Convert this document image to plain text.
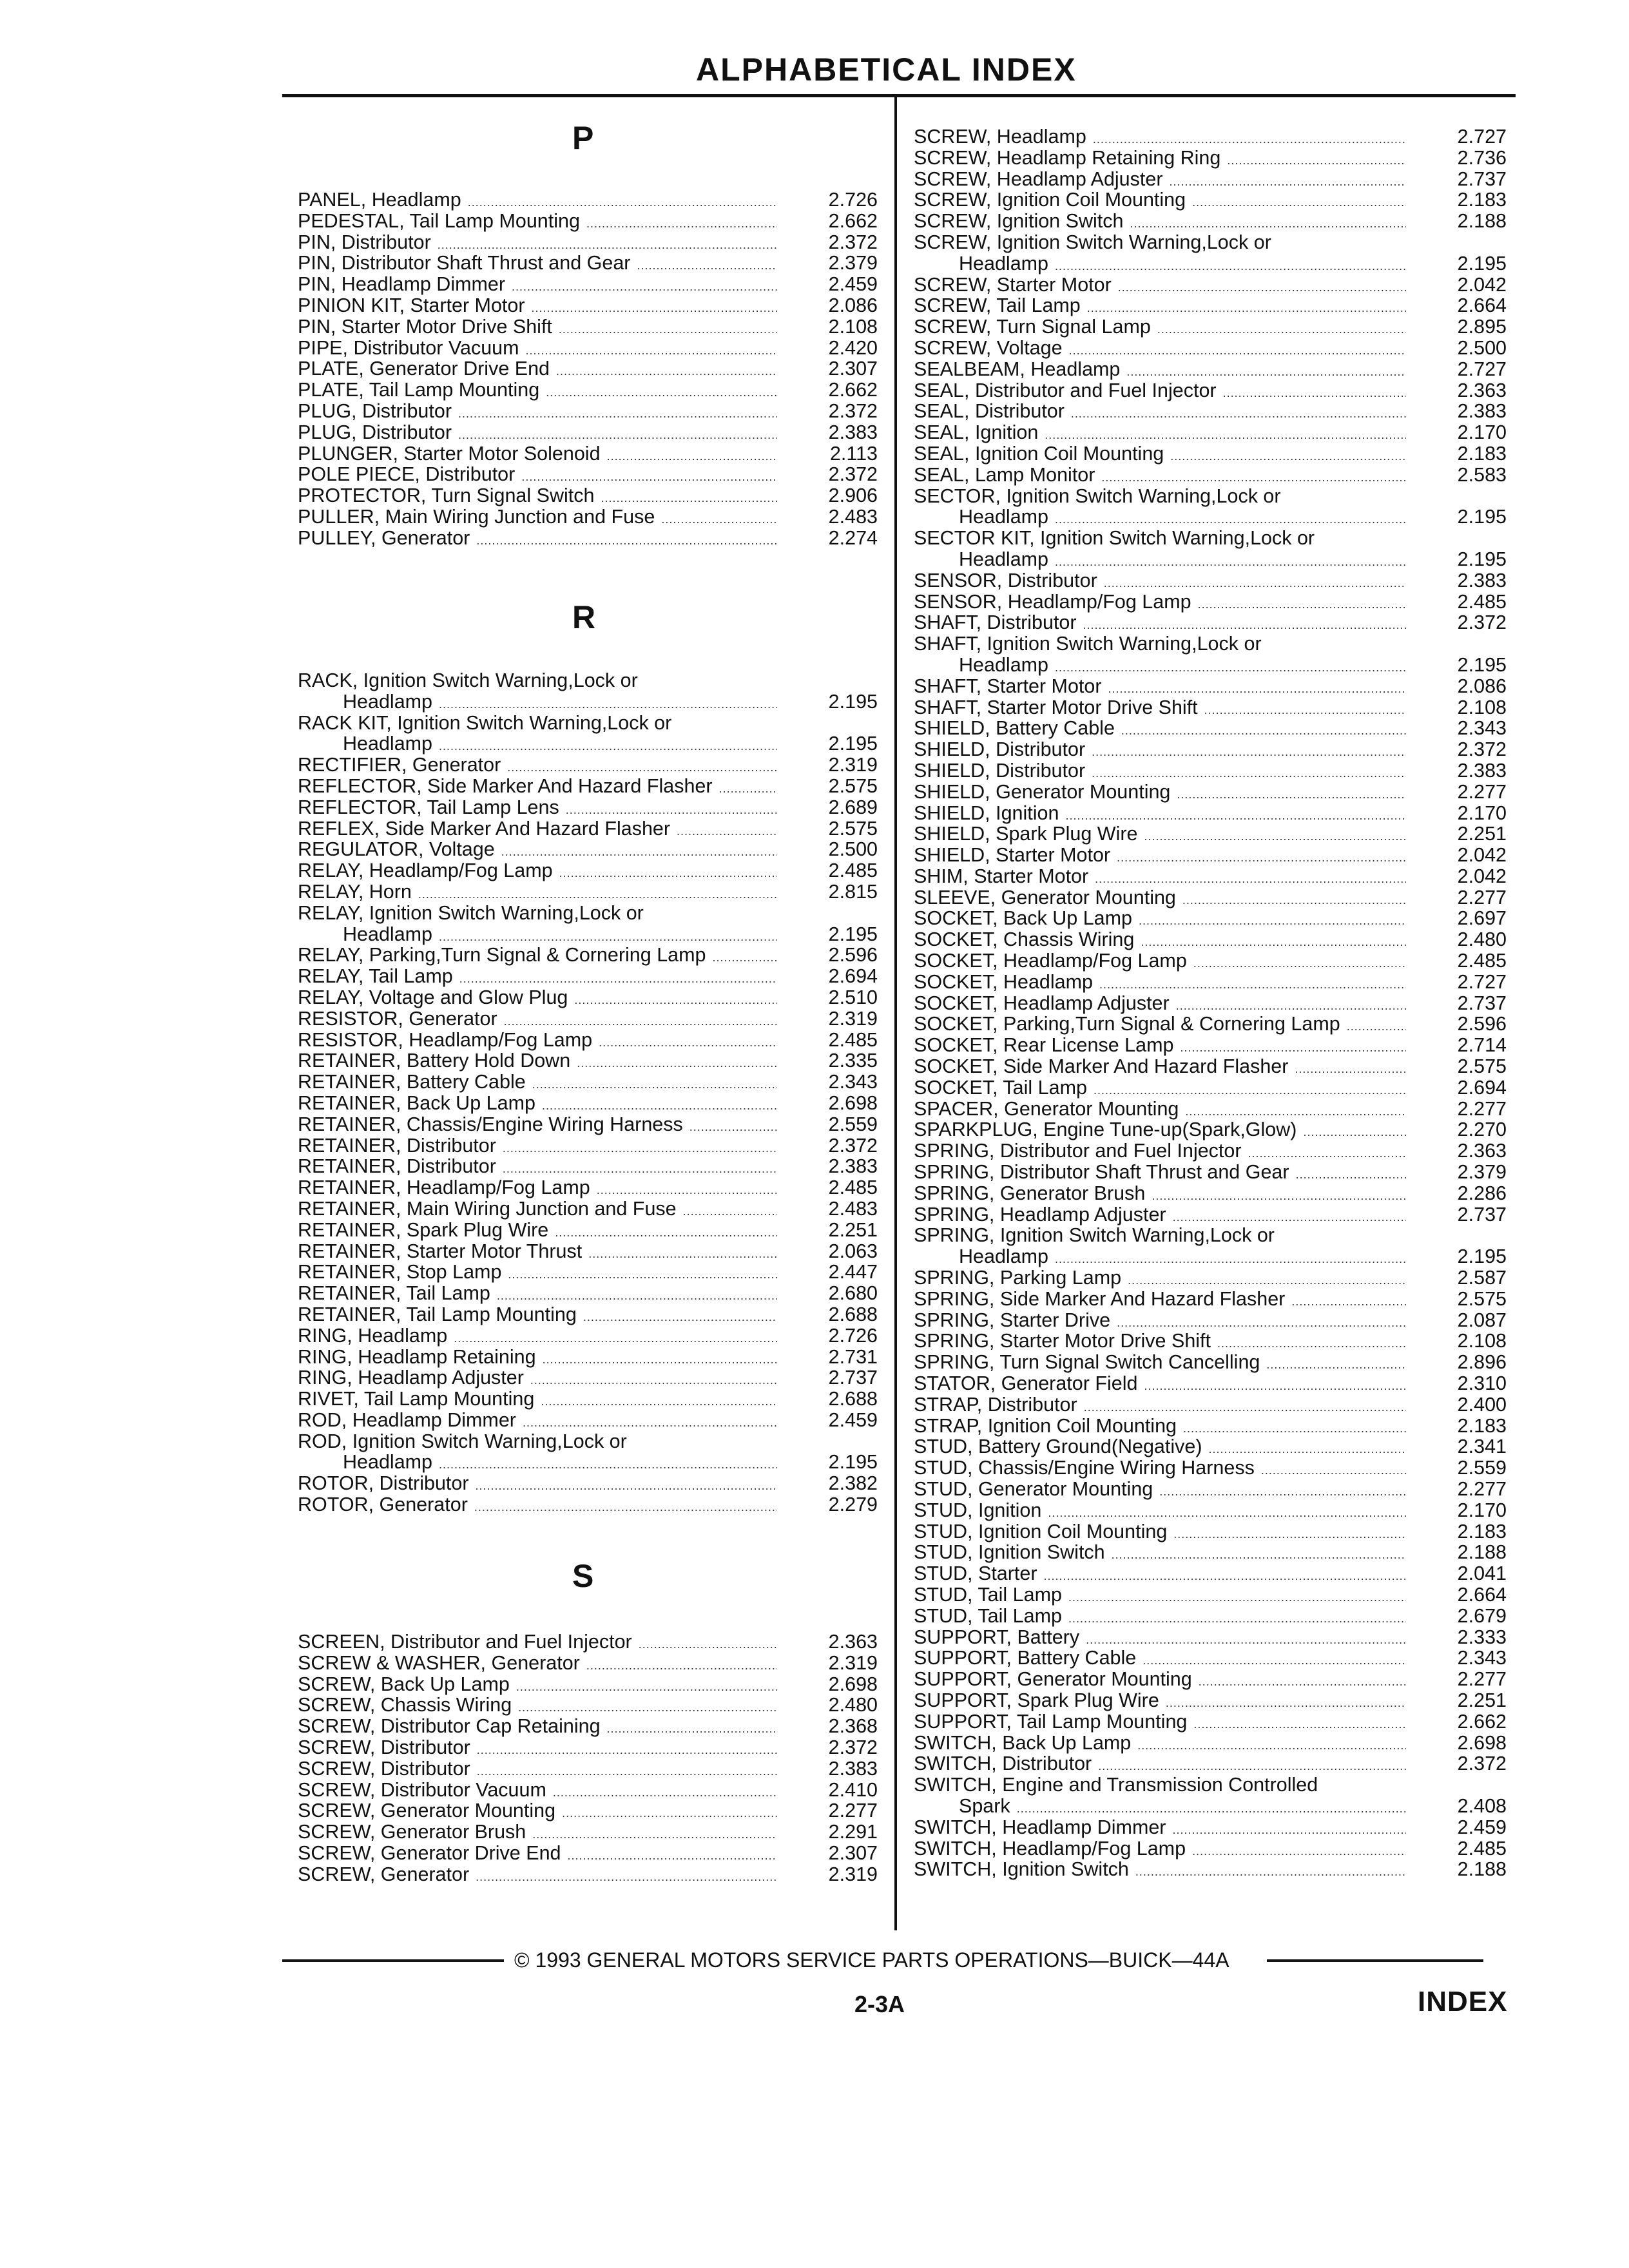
ALPHABETICAL INDEX
P
PANEL, Headlamp .....	2.726
PEDESTAL, Tail Lamp Mounting .....	2.662
PIN, Distributor .....	2.372
PIN, Distributor Shaft Thrust and Gear .....	2.379
PIN, Headlamp Dimmer .....	2.459
PINION KIT, Starter Motor .....	2.086
PIN, Starter Motor Drive Shift .....	2.108
PIPE, Distributor Vacuum .....	2.420
PLATE, Generator Drive End .....	2.307
PLATE, Tail Lamp Mounting .....	2.662
PLUG, Distributor .....	2.372
PLUG, Distributor .....	2.383
PLUNGER, Starter Motor Solenoid .....	2.113
POLE PIECE, Distributor .....	2.372
PROTECTOR, Turn Signal Switch .....	2.906
PULLER, Main Wiring Junction and Fuse .....	2.483
PULLEY, Generator .....	2.274
R
RACK, Ignition Switch Warning,Lock or
Headlamp .....	2.195
RACK KIT, Ignition Switch Warning,Lock or
Headlamp .....	2.195
RECTIFIER, Generator .....	2.319
REFLECTOR, Side Marker And Hazard Flasher .....	2.575
REFLECTOR, Tail Lamp Lens .....	2.689
REFLEX, Side Marker And Hazard Flasher .....	2.575
REGULATOR, Voltage .....	2.500
RELAY, Headlamp/Fog Lamp .....	2.485
RELAY, Horn .....	2.815
RELAY, Ignition Switch Warning,Lock or
Headlamp .....	2.195
RELAY, Parking,Turn Signal & Cornering Lamp .....	2.596
RELAY, Tail Lamp .....	2.694
RELAY, Voltage and Glow Plug .....	2.510
RESISTOR, Generator .....	2.319
RESISTOR, Headlamp/Fog Lamp .....	2.485
RETAINER, Battery Hold Down .....	2.335
RETAINER, Battery Cable .....	2.343
RETAINER, Back Up Lamp .....	2.698
RETAINER, Chassis/Engine Wiring Harness .....	2.559
RETAINER, Distributor .....	2.372
RETAINER, Distributor .....	2.383
RETAINER, Headlamp/Fog Lamp .....	2.485
RETAINER, Main Wiring Junction and Fuse .....	2.483
RETAINER, Spark Plug Wire .....	2.251
RETAINER, Starter Motor Thrust .....	2.063
RETAINER, Stop Lamp .....	2.447
RETAINER, Tail Lamp .....	2.680
RETAINER, Tail Lamp Mounting .....	2.688
RING, Headlamp .....	2.726
RING, Headlamp Retaining .....	2.731
RING, Headlamp Adjuster .....	2.737
RIVET, Tail Lamp Mounting .....	2.688
ROD, Headlamp Dimmer .....	2.459
ROD, Ignition Switch Warning,Lock or
Headlamp .....	2.195
ROTOR, Distributor .....	2.382
ROTOR, Generator .....	2.279
S
SCREEN, Distributor and Fuel Injector .....	2.363
SCREW & WASHER, Generator .....	2.319
SCREW, Back Up Lamp .....	2.698
SCREW, Chassis Wiring .....	2.480
SCREW, Distributor Cap Retaining .....	2.368
SCREW, Distributor .....	2.372
SCREW, Distributor .....	2.383
SCREW, Distributor Vacuum .....	2.410
SCREW, Generator Mounting .....	2.277
SCREW, Generator Brush .....	2.291
SCREW, Generator Drive End .....	2.307
SCREW, Generator .....	2.319
SCREW, Headlamp .....	2.727
SCREW, Headlamp Retaining Ring .....	2.736
SCREW, Headlamp Adjuster .....	2.737
SCREW, Ignition Coil Mounting .....	2.183
SCREW, Ignition Switch .....	2.188
SCREW, Ignition Switch Warning,Lock or
Headlamp .....	2.195
SCREW, Starter Motor .....	2.042
SCREW, Tail Lamp .....	2.664
SCREW, Turn Signal Lamp .....	2.895
SCREW, Voltage .....	2.500
SEALBEAM, Headlamp .....	2.727
SEAL, Distributor and Fuel Injector .....	2.363
SEAL, Distributor .....	2.383
SEAL, Ignition .....	2.170
SEAL, Ignition Coil Mounting .....	2.183
SEAL, Lamp Monitor .....	2.583
SECTOR, Ignition Switch Warning,Lock or
Headlamp .....	2.195
SECTOR KIT, Ignition Switch Warning,Lock or
Headlamp .....	2.195
SENSOR, Distributor .....	2.383
SENSOR, Headlamp/Fog Lamp .....	2.485
SHAFT, Distributor .....	2.372
SHAFT, Ignition Switch Warning,Lock or
Headlamp .....	2.195
SHAFT, Starter Motor .....	2.086
SHAFT, Starter Motor Drive Shift .....	2.108
SHIELD, Battery Cable .....	2.343
SHIELD, Distributor .....	2.372
SHIELD, Distributor .....	2.383
SHIELD, Generator Mounting .....	2.277
SHIELD, Ignition .....	2.170
SHIELD, Spark Plug Wire .....	2.251
SHIELD, Starter Motor .....	2.042
SHIM, Starter Motor .....	2.042
SLEEVE, Generator Mounting .....	2.277
SOCKET, Back Up Lamp .....	2.697
SOCKET, Chassis Wiring .....	2.480
SOCKET, Headlamp/Fog Lamp .....	2.485
SOCKET, Headlamp .....	2.727
SOCKET, Headlamp Adjuster .....	2.737
SOCKET, Parking,Turn Signal & Cornering Lamp .....	2.596
SOCKET, Rear License Lamp .....	2.714
SOCKET, Side Marker And Hazard Flasher .....	2.575
SOCKET, Tail Lamp .....	2.694
SPACER, Generator Mounting .....	2.277
SPARKPLUG, Engine Tune-up(Spark,Glow) .....	2.270
SPRING, Distributor and Fuel Injector .....	2.363
SPRING, Distributor Shaft Thrust and Gear .....	2.379
SPRING, Generator Brush .....	2.286
SPRING, Headlamp Adjuster .....	2.737
SPRING, Ignition Switch Warning,Lock or
Headlamp .....	2.195
SPRING, Parking Lamp .....	2.587
SPRING, Side Marker And Hazard Flasher .....	2.575
SPRING, Starter Drive .....	2.087
SPRING, Starter Motor Drive Shift .....	2.108
SPRING, Turn Signal Switch Cancelling .....	2.896
STATOR, Generator Field .....	2.310
STRAP, Distributor .....	2.400
STRAP, Ignition Coil Mounting .....	2.183
STUD, Battery Ground(Negative) .....	2.341
STUD, Chassis/Engine Wiring Harness .....	2.559
STUD, Generator Mounting .....	2.277
STUD, Ignition .....	2.170
STUD, Ignition Coil Mounting .....	2.183
STUD, Ignition Switch .....	2.188
STUD, Starter .....	2.041
STUD, Tail Lamp .....	2.664
STUD, Tail Lamp .....	2.679
SUPPORT, Battery .....	2.333
SUPPORT, Battery Cable .....	2.343
SUPPORT, Generator Mounting .....	2.277
SUPPORT, Spark Plug Wire .....	2.251
SUPPORT, Tail Lamp Mounting .....	2.662
SWITCH, Back Up Lamp .....	2.698
SWITCH, Distributor .....	2.372
SWITCH, Engine and Transmission Controlled
Spark .....	2.408
SWITCH, Headlamp Dimmer .....	2.459
SWITCH, Headlamp/Fog Lamp .....	2.485
SWITCH, Ignition Switch .....	2.188
© 1993 GENERAL MOTORS SERVICE PARTS OPERATIONS—BUICK—44A
2-3A	INDEX
